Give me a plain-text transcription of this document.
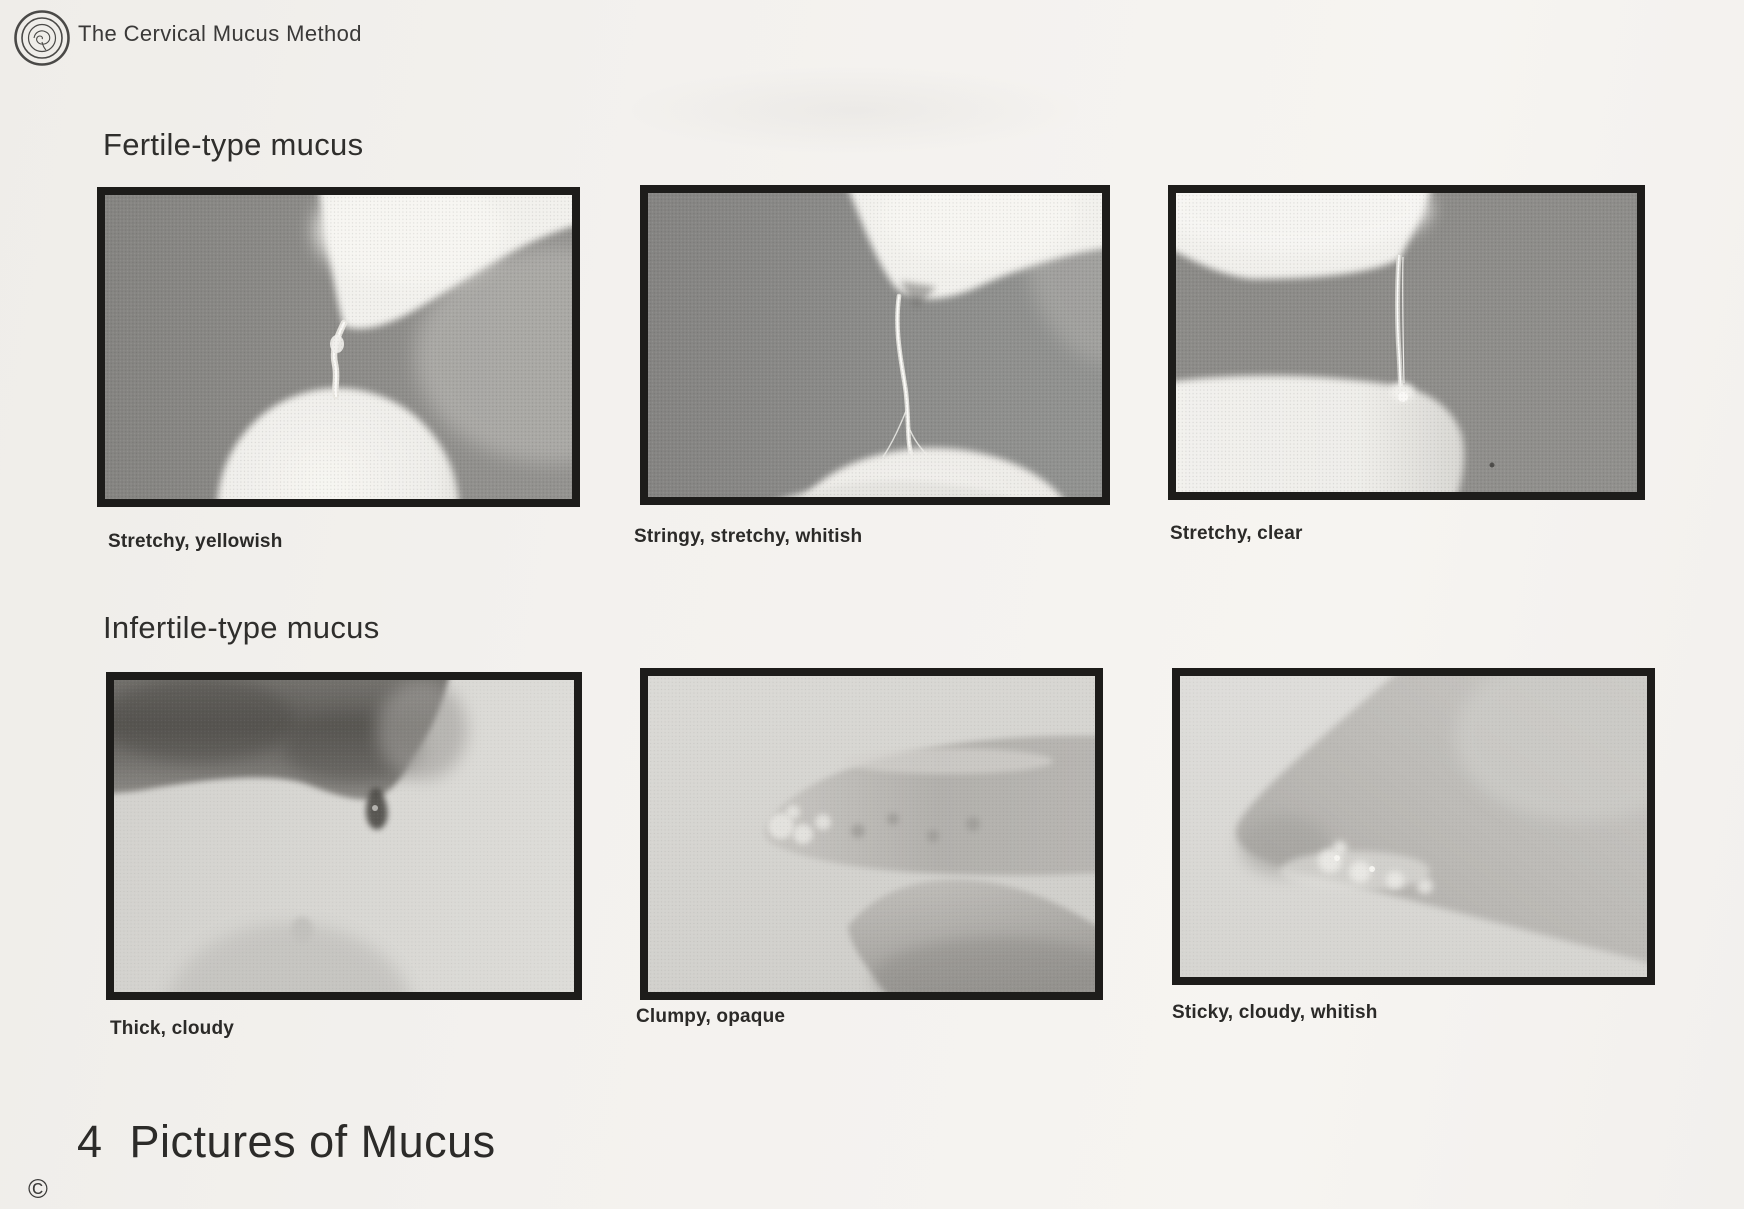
The Cervical Mucus Method
Fertile-type mucus
Stretchy, yellowish	Stringy, stretchy, whitish	Stretchy, clear
Infertile-type mucus
Thick, cloudy
Clumpy, opaque	Sticky, cloudy, whitish
4 Pictures of Mucus
©
